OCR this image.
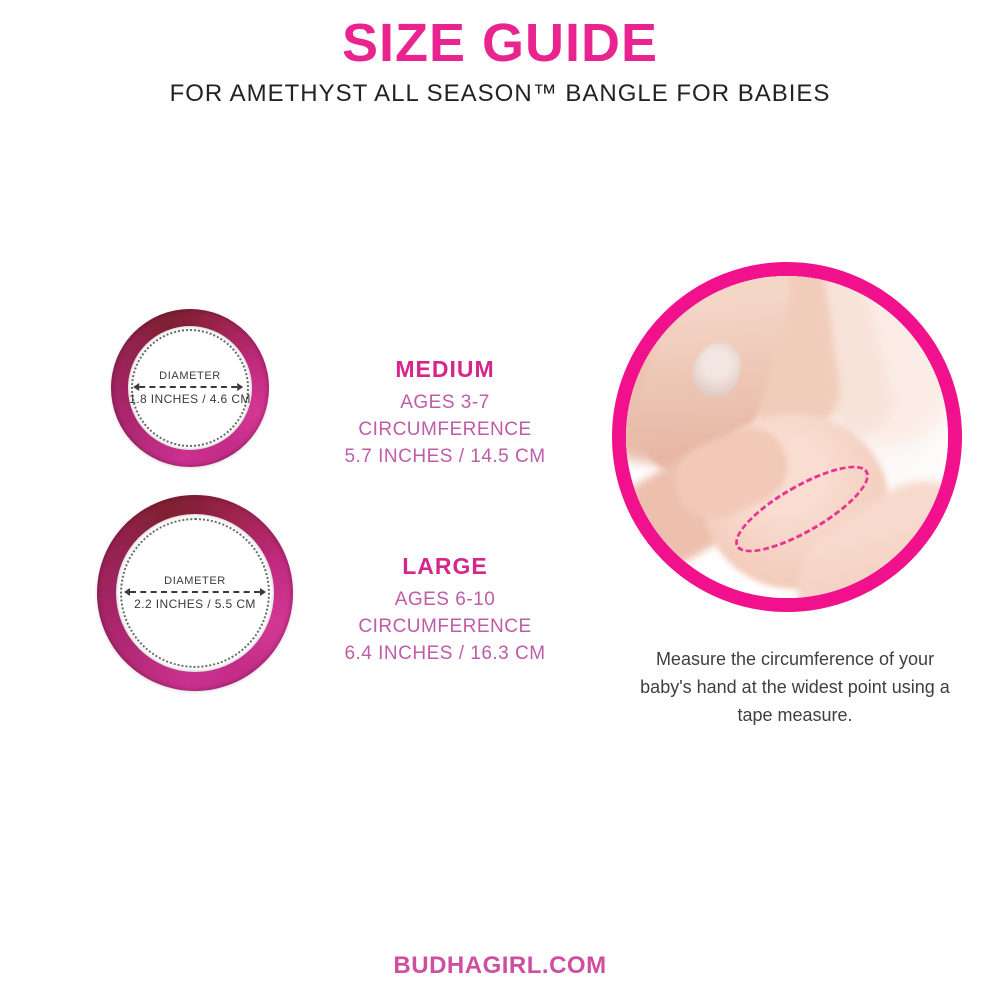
SIZE GUIDE
FOR AMETHYST ALL SEASON™ BANGLE FOR BABIES
DIAMETER
1.8 INCHES / 4.6 CM
MEDIUM
AGES 3-7
CIRCUMFERENCE
5.7 INCHES / 14.5 CM
DIAMETER
2.2 INCHES / 5.5 CM
LARGE
AGES 6-10
CIRCUMFERENCE
6.4 INCHES / 16.3 CM	Measure the circumference of your baby's hand at the widest point using a tape measure.
BUDHAGIRL.COM
